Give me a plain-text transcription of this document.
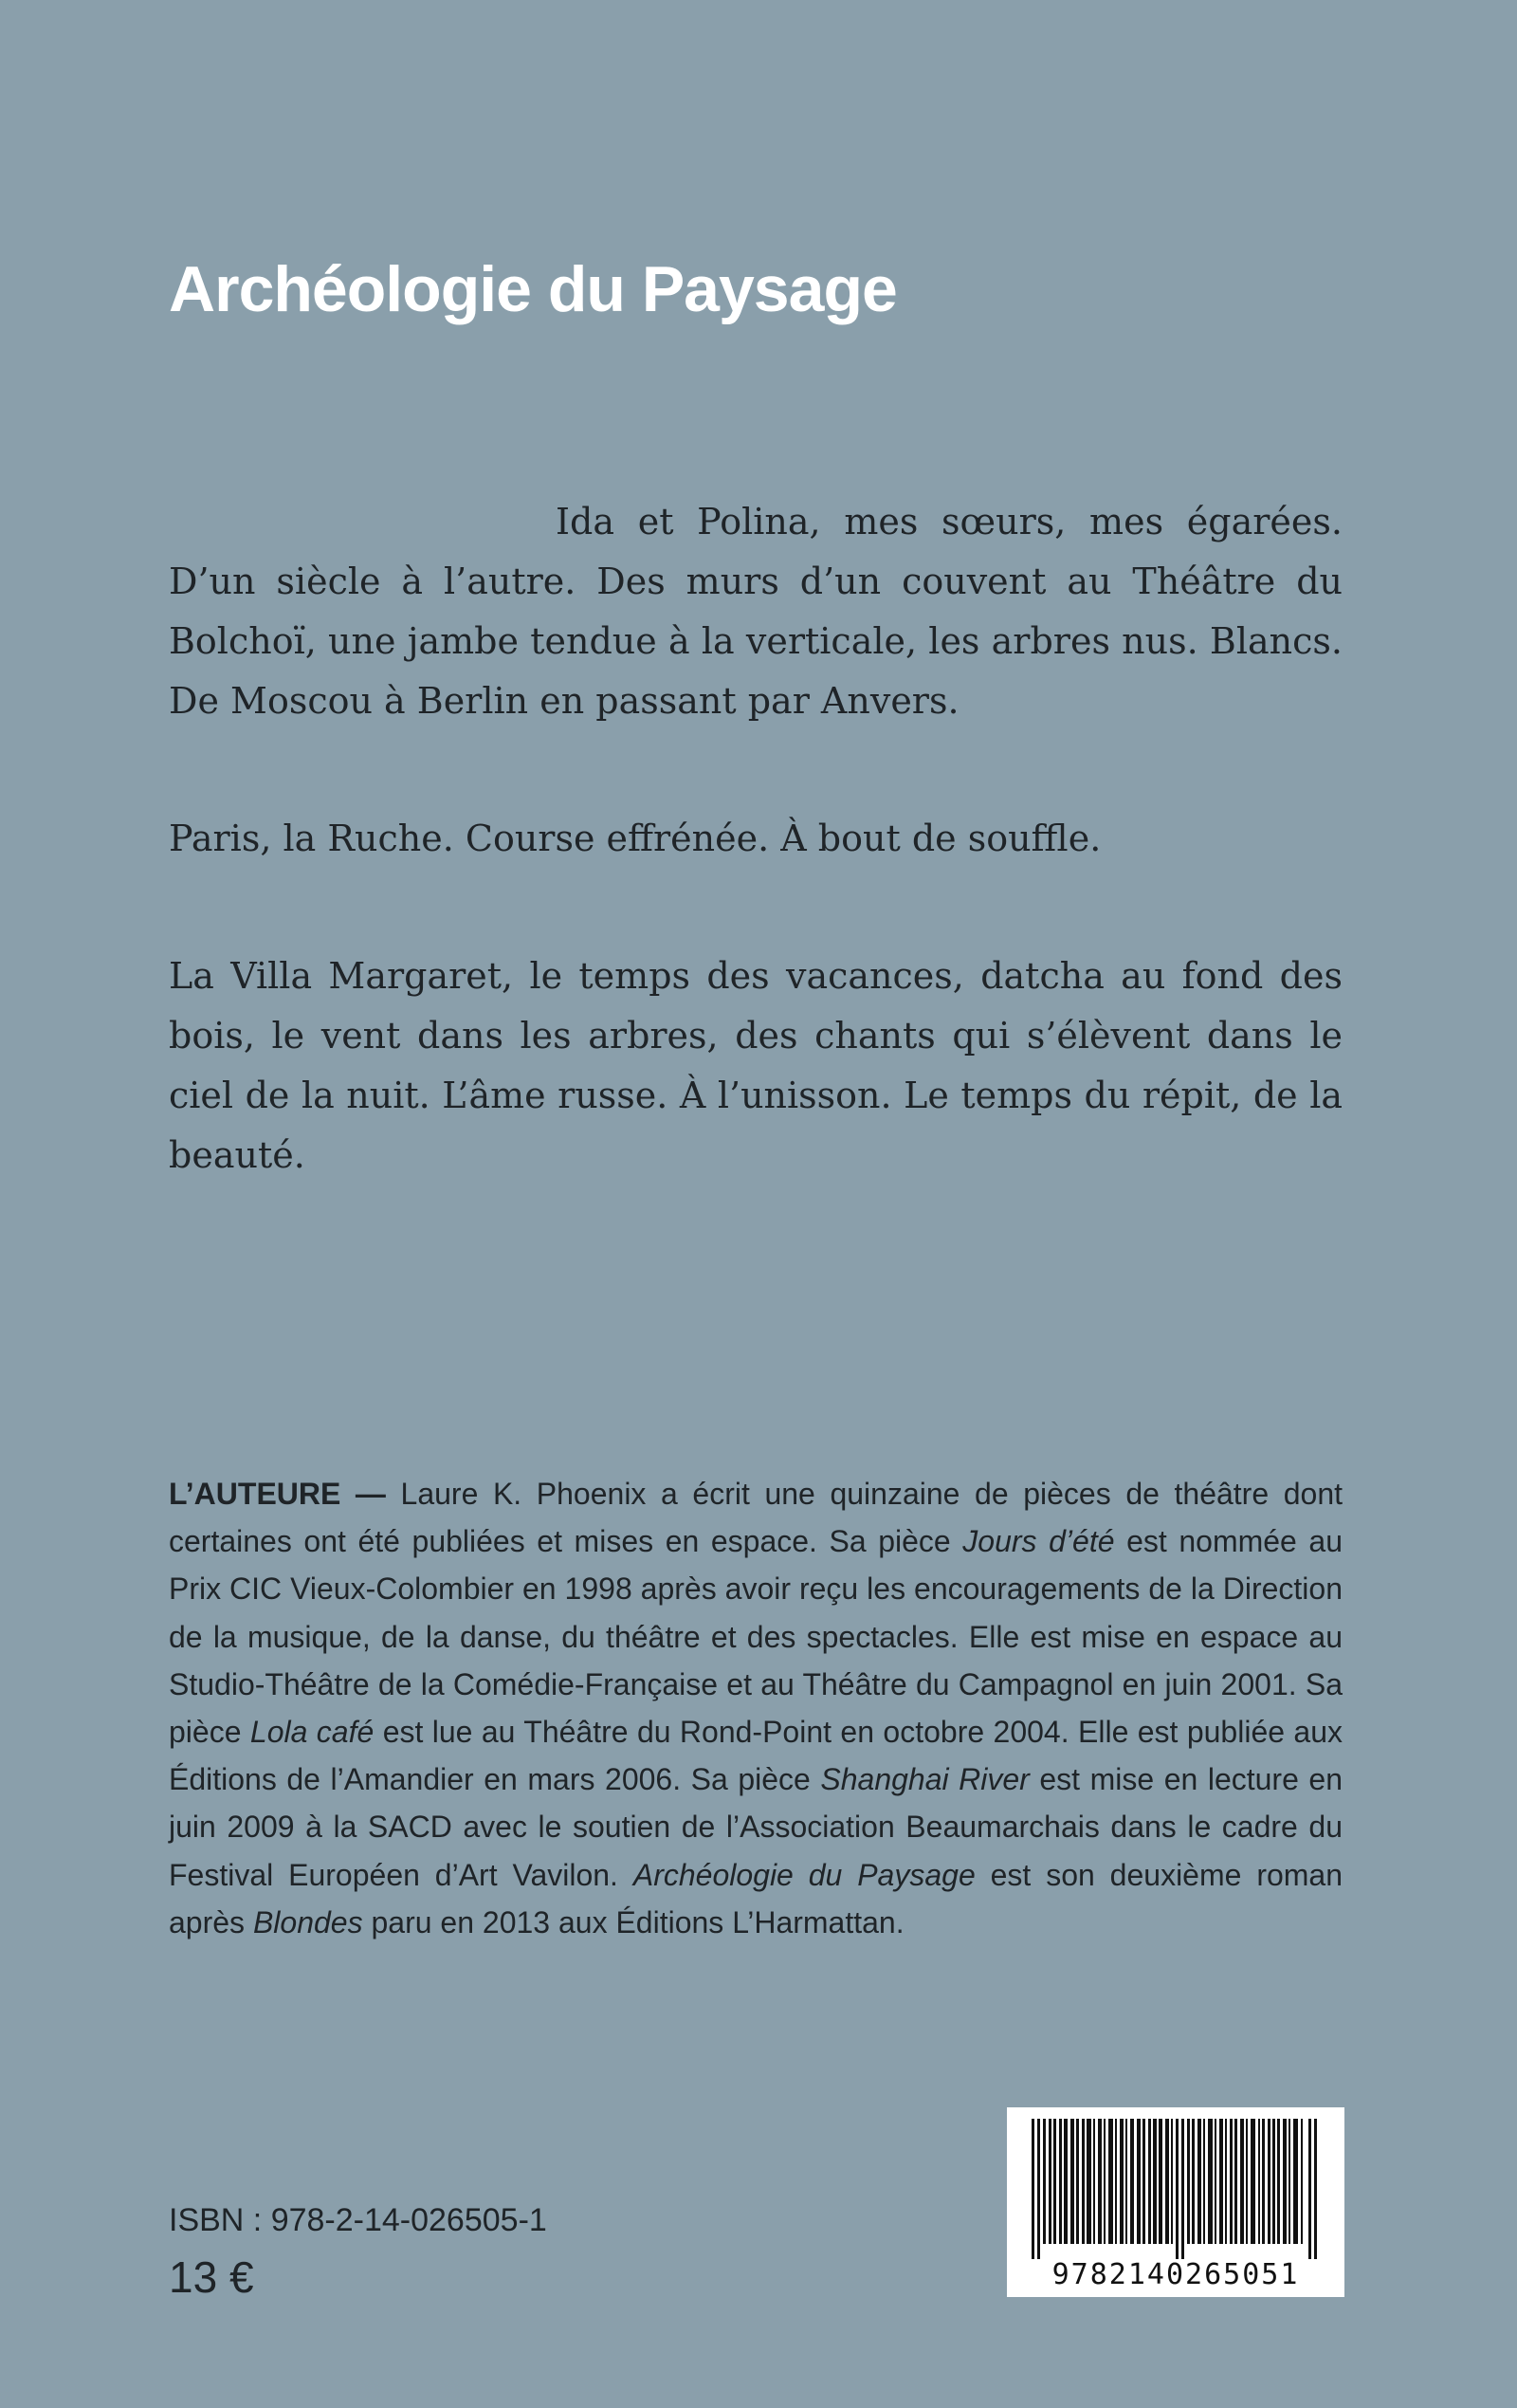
Archéologie du Paysage

Ida et Polina, mes sœurs, mes égarées. D’un siècle à l’autre. Des murs d’un couvent au Théâtre du Bolchoï, une jambe tendue à la verticale, les arbres nus. Blancs. De Moscou à Berlin en passant par Anvers.

Paris, la Ruche. Course effrénée. À bout de souffle.

La Villa Margaret, le temps des vacances, datcha au fond des bois, le vent dans les arbres, des chants qui s’élèvent dans le ciel de la nuit. L’âme russe. À l’unisson. Le temps du répit, de la beauté.

L’AUTEURE — Laure K. Phoenix a écrit une quinzaine de pièces de théâtre dont certaines ont été publiées et mises en espace. Sa pièce Jours d’été est nommée au Prix CIC Vieux-Colombier en 1998 après avoir reçu les encouragements de la Direction de la musique, de la danse, du théâtre et des spectacles. Elle est mise en espace au Studio-Théâtre de la Comédie-Française et au Théâtre du Campagnol en juin 2001. Sa pièce Lola café est lue au Théâtre du Rond-Point en octobre 2004. Elle est publiée aux Éditions de l’Amandier en mars 2006. Sa pièce Shanghai River est mise en lecture en juin 2009 à la SACD avec le soutien de l’Association Beaumarchais dans le cadre du Festival Européen d’Art Vavilon. Archéologie du Paysage est son deuxième roman après Blondes paru en 2013 aux Éditions L’Harmattan.

ISBN : 978-2-14-026505-1
13 €	9782140265051
